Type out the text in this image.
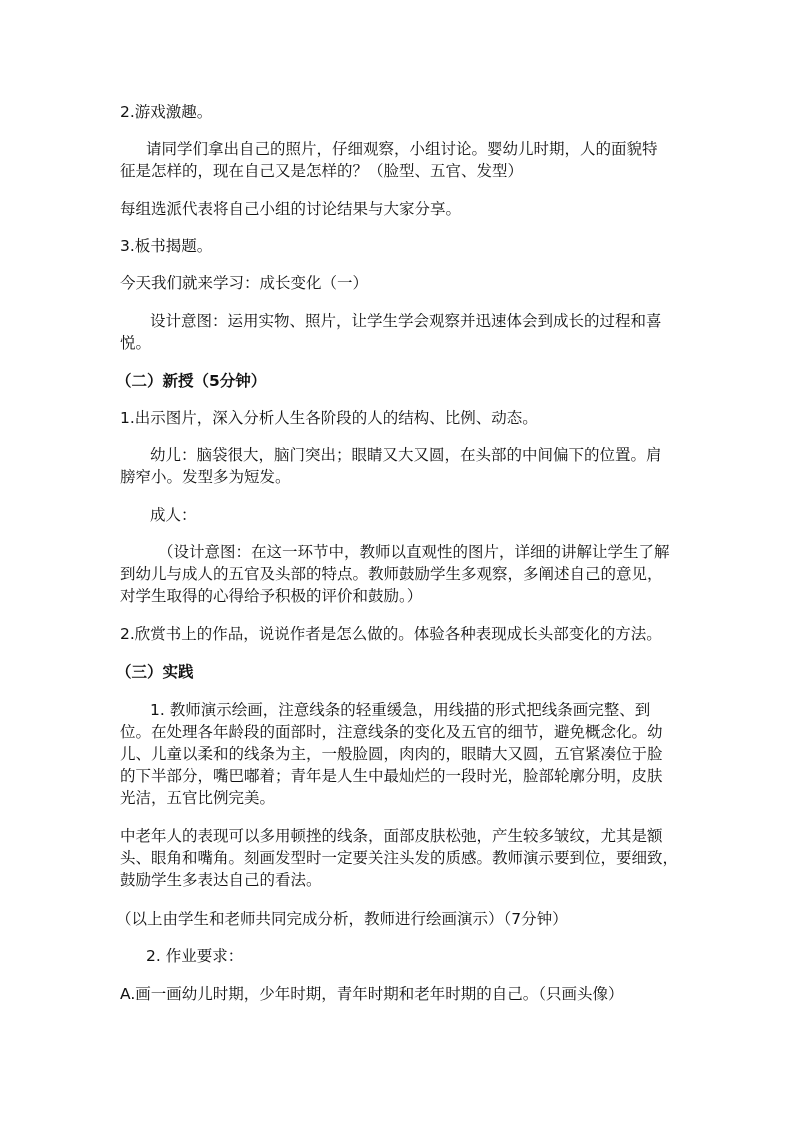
2.游戏激趣。
请同学们拿出自己的照片，仔细观察，小组讨论。婴幼儿时期，人的面貌特
征是怎样的，现在自己又是怎样的？（脸型、五官、发型）
每组选派代表将自己小组的讨论结果与大家分享。
3.板书揭题。
今天我们就来学习：成长变化（一）
设计意图：运用实物、照片，让学生学会观察并迅速体会到成长的过程和喜
悦。
（二）新授（5分钟）
1.出示图片，深入分析人生各阶段的人的结构、比例、动态。
幼儿：脑袋很大，脑门突出；眼睛又大又圆，在头部的中间偏下的位置。肩
膀窄小。发型多为短发。
成人：
（设计意图：在这一环节中，教师以直观性的图片，详细的讲解让学生了解
到幼儿与成人的五官及头部的特点。教师鼓励学生多观察，多阐述自己的意见，
对学生取得的心得给予积极的评价和鼓励。）
2.欣赏书上的作品，说说作者是怎么做的。体验各种表现成长头部变化的方法。
（三）实践
1. 教师演示绘画，注意线条的轻重缓急，用线描的形式把线条画完整、到
位。在处理各年龄段的面部时，注意线条的变化及五官的细节，避免概念化。幼
儿、儿童以柔和的线条为主，一般脸圆，肉肉的，眼睛大又圆，五官紧凑位于脸
的下半部分，嘴巴嘟着；青年是人生中最灿烂的一段时光，脸部轮廓分明，皮肤
光洁，五官比例完美。
中老年人的表现可以多用顿挫的线条，面部皮肤松弛，产生较多皱纹，尤其是额
头、眼角和嘴角。刻画发型时一定要关注头发的质感。教师演示要到位，要细致，
鼓励学生多表达自己的看法。
（以上由学生和老师共同完成分析，教师进行绘画演示）（7分钟）
2. 作业要求：
A.画一画幼儿时期，少年时期，青年时期和老年时期的自己。（只画头像）
